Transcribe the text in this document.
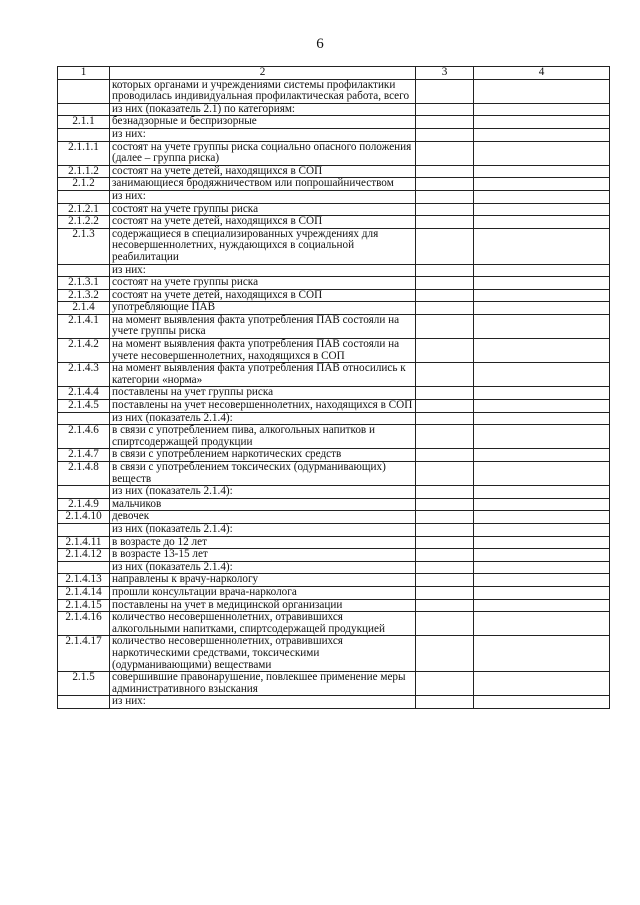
6
1	2	3	4
	которых органами и учреждениями системы профилактики проводилась индивидуальная профилактическая работа, всего		
	из них (показатель 2.1) по категориям:		
2.1.1	безнадзорные и беспризорные		
	из них:		
2.1.1.1	состоят на учете группы риска социально опасного положения (далее – группа риска)		
2.1.1.2	состоят на учете детей, находящихся в СОП		
2.1.2	занимающиеся бродяжничеством или попрошайничеством		
	из них:		
2.1.2.1	состоят на учете группы риска		
2.1.2.2	состоят на учете детей, находящихся в СОП		
2.1.3	содержащиеся в специализированных учреждениях для несовершеннолетних, нуждающихся в социальной реабилитации		
	из них:		
2.1.3.1	состоят на учете группы риска		
2.1.3.2	состоят на учете детей, находящихся в СОП		
2.1.4	употребляющие ПАВ		
2.1.4.1	на момент выявления факта употребления ПАВ состояли на учете группы риска		
2.1.4.2	на момент выявления факта употребления ПАВ состояли на учете несовершеннолетних, находящихся в СОП		
2.1.4.3	на момент выявления факта употребления ПАВ относились к категории «норма»		
2.1.4.4	поставлены на учет группы риска		
2.1.4.5	поставлены на учет несовершеннолетних, находящихся в СОП		
	из них (показатель 2.1.4):		
2.1.4.6	в связи с употреблением пива, алкогольных напитков и спиртсодержащей продукции		
2.1.4.7	в связи с употреблением наркотических средств		
2.1.4.8	в связи с употреблением токсических (одурманивающих) веществ		
	из них (показатель 2.1.4):		
2.1.4.9	мальчиков		
2.1.4.10	девочек		
	из них (показатель 2.1.4):		
2.1.4.11	в возрасте до 12 лет		
2.1.4.12	в возрасте 13-15 лет		
	из них (показатель 2.1.4):		
2.1.4.13	направлены к врачу-наркологу		
2.1.4.14	прошли консультации врача-нарколога		
2.1.4.15	поставлены на учет в медицинской организации		
2.1.4.16	количество несовершеннолетних, отравившихся алкогольными напитками, спиртсодержащей продукцией		
2.1.4.17	количество несовершеннолетних, отравившихся наркотическими средствами, токсическими (одурманивающими) веществами		
2.1.5	совершившие правонарушение, повлекшее применение меры административного взыскания		
	из них:		
